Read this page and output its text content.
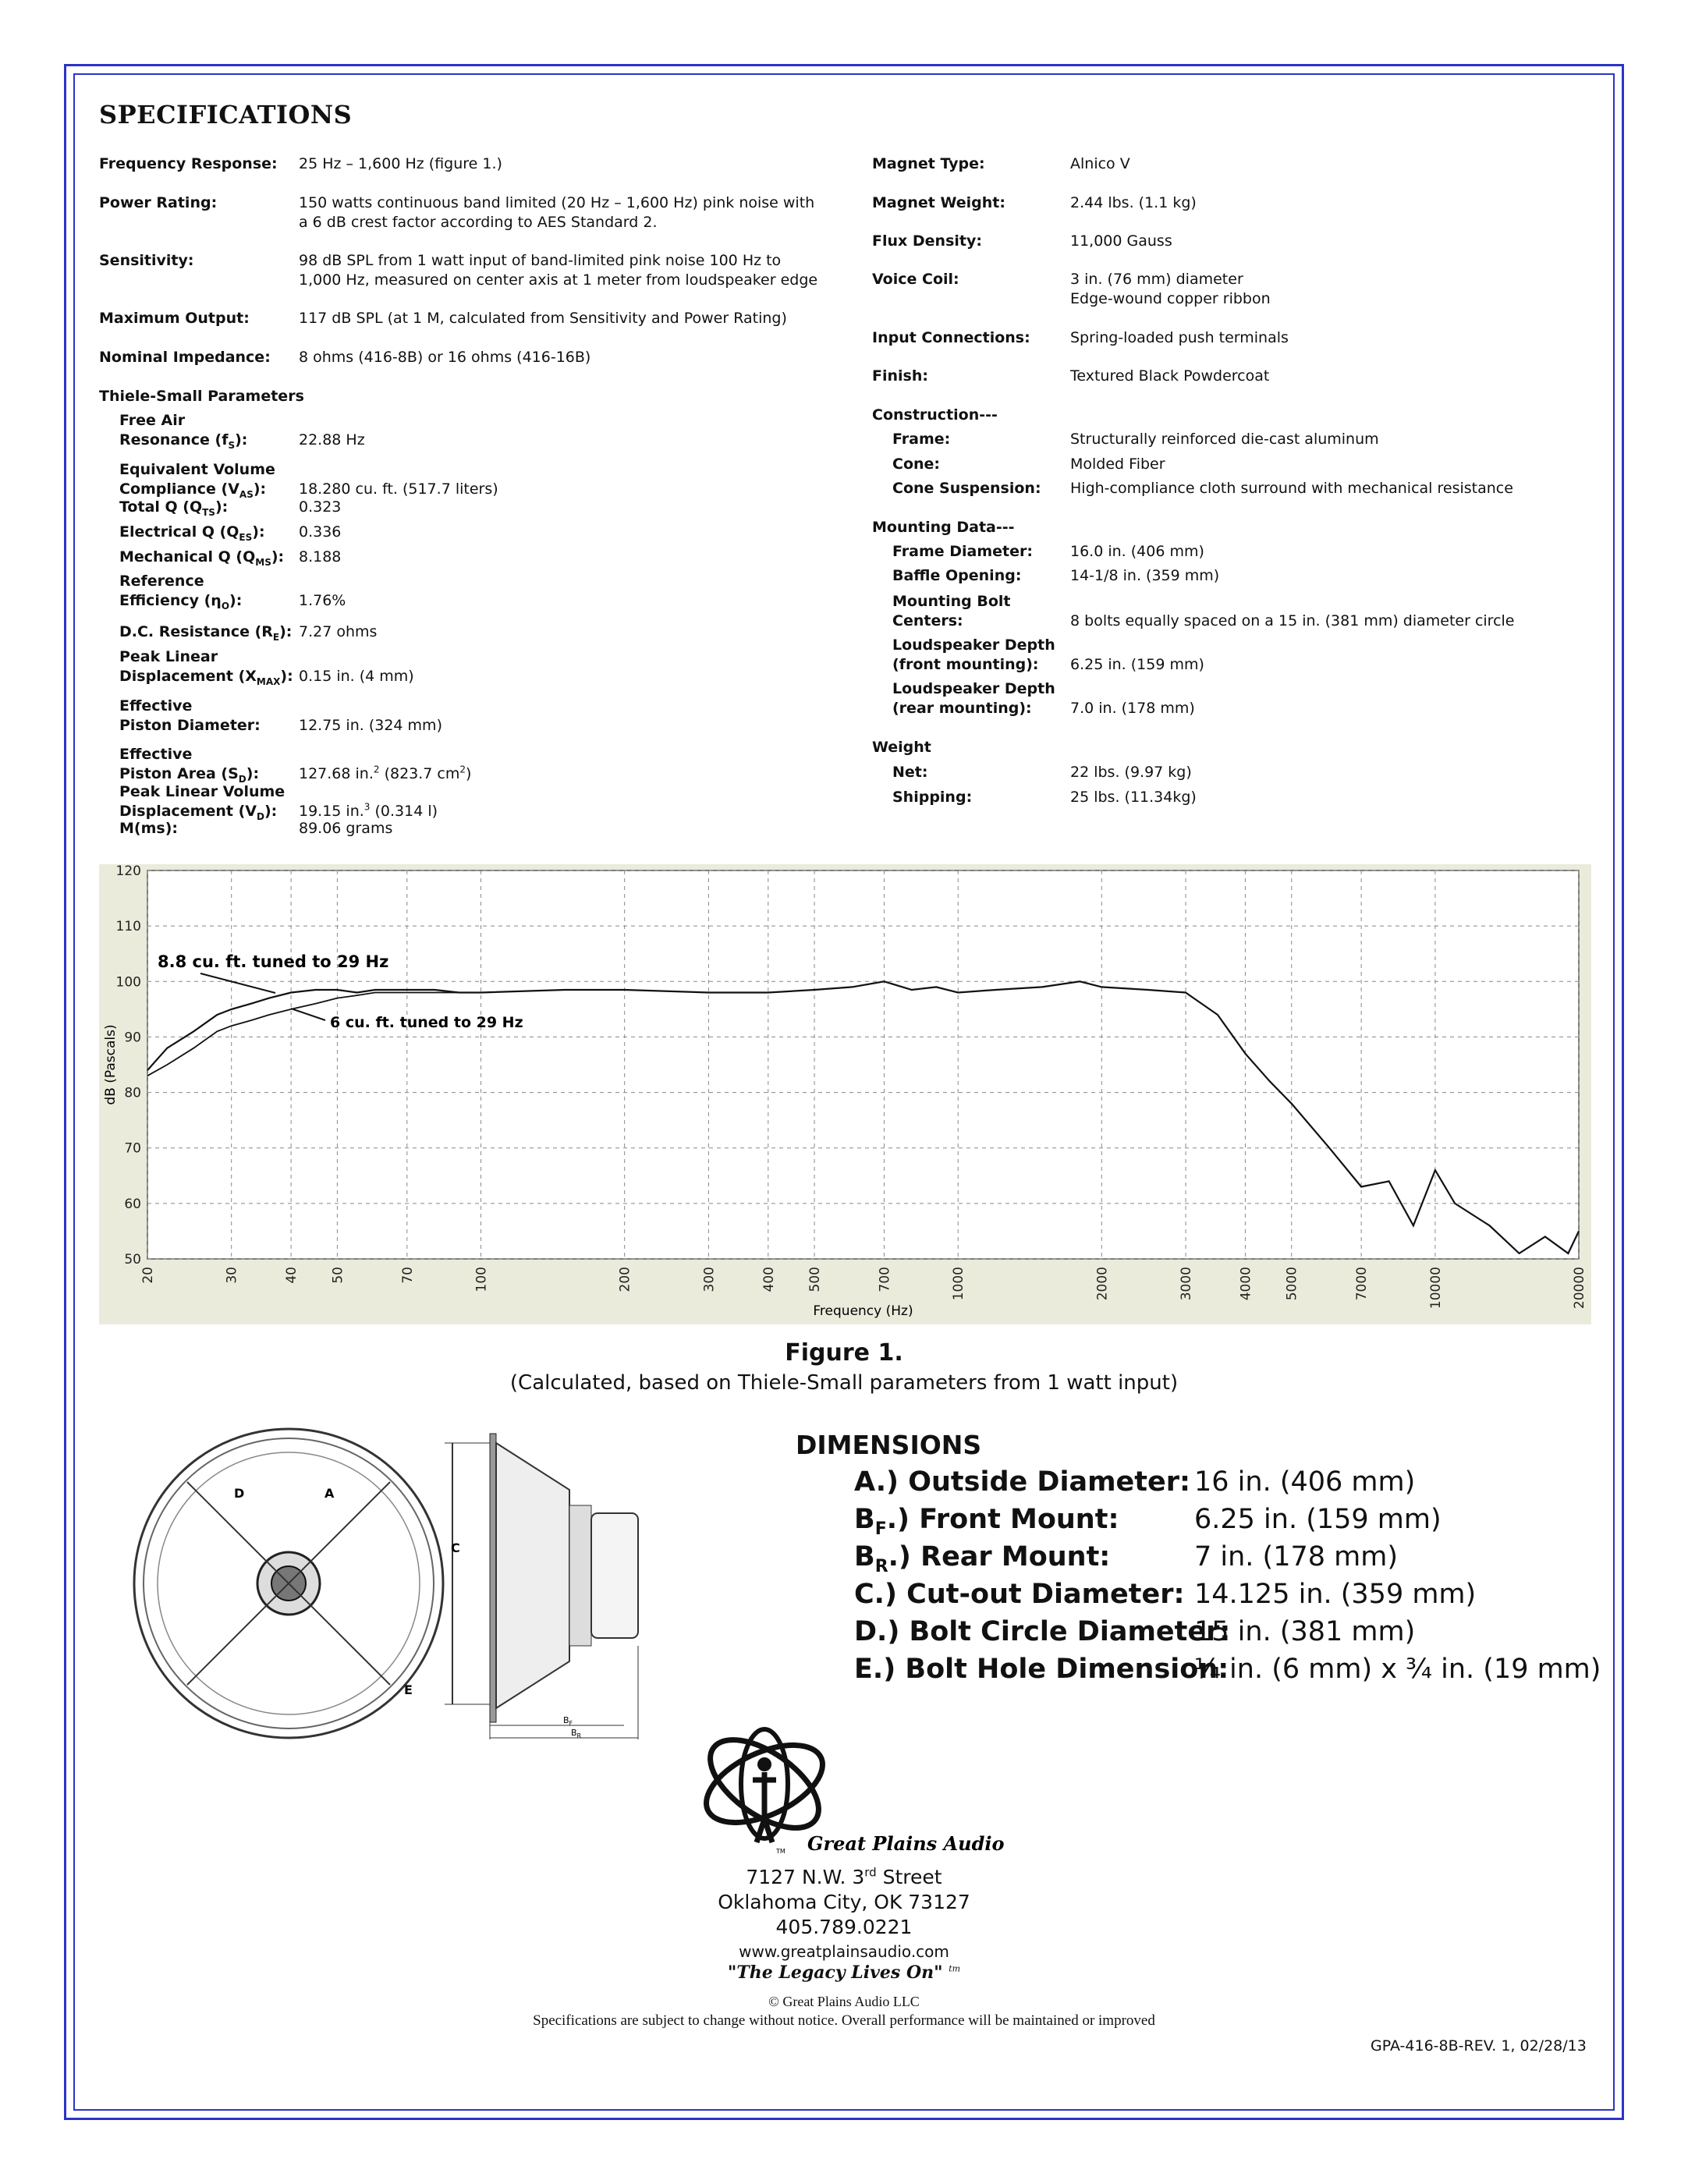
SPECIFICATIONS
Frequency Response: 25 Hz – 1,600 Hz (figure 1.)
Power Rating:	150 watts continuous band limited (20 Hz – 1,600 Hz) pink noise with
a 6 dB crest factor according to AES Standard 2.
Sensitivity:	98 dB SPL from 1 watt input of band-limited pink noise 100 Hz to
1,000 Hz, measured on center axis at 1 meter from loudspeaker edge
Maximum Output:	117 dB SPL (at 1 M, calculated from Sensitivity and Power Rating)
Nominal Impedance: 8 ohms (416-8B) or 16 ohms (416-16B)
Thiele-Small Parameters
Free Air
Resonance $(f_S)$:	22.88 Hz
Equivalent Volume
Compliance $(V_{AS})$:	18.280 cu. ft. (517.7 liters)
Total Q $(Q_{TS})$:	0.323
Electrical Q $(Q_{ES})$: 0.336
Mechanical Q $(Q_{MS})$: 8.188
Reference
Efficiency $(\eta_O)$:	1.76%
D.C. Resistance $(R_E)$: 7.27 ohms
Peak Linear
Displacement $(X_{MAX})$: 0.15 in. (4 mm)
Effective
Piston Diameter:	12.75 in. (324 mm)
Effective
Piston Area $(S_D)$:	127.68 in.$^2$ (823.7 $cm^2$)
Peak Linear Volume
Displacement $(V_D)$:	19.15 in.$^3$ (0.314 l)
M(ms):	89.06 grams
Magnet Type:	Alnico V
Magnet Weight:	2.44 lbs. (1.1 kg)
Flux Density:	11,000 Gauss
Voice Coil:	3 in. (76 mm) diameter
Edge-wound copper ribbon
Input Connections:	Spring-loaded push terminals
Finish:	Textured Black Powdercoat
Construction---
Frame:	Structurally reinforced die-cast aluminum
Cone:	Molded Fiber
Cone Suspension: High-compliance cloth surround with mechanical resistance
Mounting Data---
Frame Diameter:	16.0 in. (406 mm)
Baffle Opening:	14-1/8 in. (359 mm)
Mounting Bolt
Centers:	8 bolts equally spaced on a 15 in. (381 mm) diameter circle
Loudspeaker Depth
(front mounting):	6.25 in. (159 mm)
Loudspeaker Depth
(rear mounting):	7.0 in. (178 mm)
Weight
Net:	22 lbs. (9.97 kg)
Shipping:	25 lbs. (11.34kg)
50
60
70
80
90
100
110
120
20	30	40 50	70	100	200	300	400 500	700	1000	2000	3000	4000 5000	7000	10000	20000
Frequency (Hz)
dB (Pascals)
8.8 cu. ft. tuned to 29 Hz
6 cu. ft. tuned to 29 Hz
Figure 1.
(Calculated, based on Thiele-Small parameters from 1 watt input)
D	A
E
C
$B_F$
$B_R$
DIMENSIONS
A.) Outside Diameter: 16 in. (406 mm)
$B_F$.) Front Mount:	6.25 in. (159 mm)
$B_R$.) Rear Mount:	7 in. (178 mm)
C.) Cut-out Diameter: 14.125 in. (359 mm)
D.) Bolt Circle Diameter:
15 in. (381 mm)
E.) Bolt Hole Dimension:
¼ in. (6 mm) x ¾ in. (19 mm)
TM Great Plains Audio
7127 N.W. 3rd Street
Oklahoma City, OK 73127
405.789.0221
www.greatplainsaudio.com
"The Legacy Lives On" $^{tm}$
© Great Plains Audio LLC
Specifications are subject to change without notice. Overall performance will be maintained or improved
GPA-416-8B-REV. 1, 02/28/13
